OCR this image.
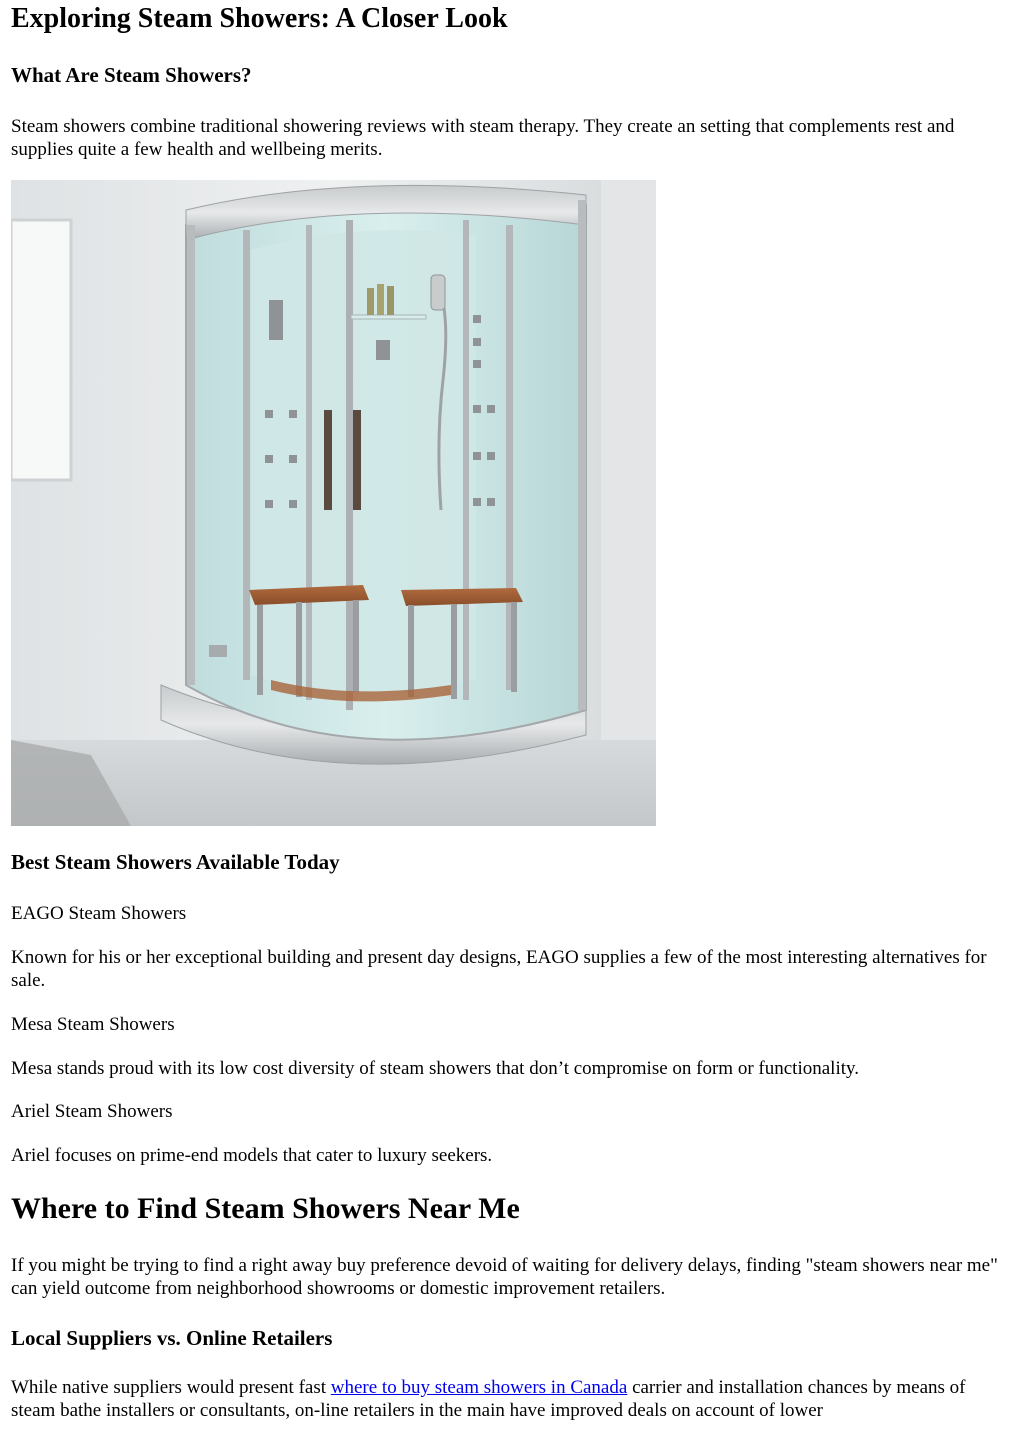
Exploring Steam Showers: A Closer Look
What Are Steam Showers?

Steam showers combine traditional showering reviews with steam therapy. They create an setting that complements rest and supplies quite a few health and wellbeing merits.

Best Steam Showers Available Today

EAGO Steam Showers

Known for his or her exceptional building and present day designs, EAGO supplies a few of the most interesting alternatives for sale.

Mesa Steam Showers

Mesa stands proud with its low cost diversity of steam showers that don’t compromise on form or functionality.

Ariel Steam Showers

Ariel focuses on prime-end models that cater to luxury seekers.

Where to Find Steam Showers Near Me

If you might be trying to find a right away buy preference devoid of waiting for delivery delays, finding "steam showers near me" can yield outcome from neighborhood showrooms or domestic improvement retailers.

Local Suppliers vs. Online Retailers

While native suppliers would present fast where to buy steam showers in Canada carrier and installation chances by means of steam bathe installers or consultants, on-line retailers in the main have improved deals on account of lower
